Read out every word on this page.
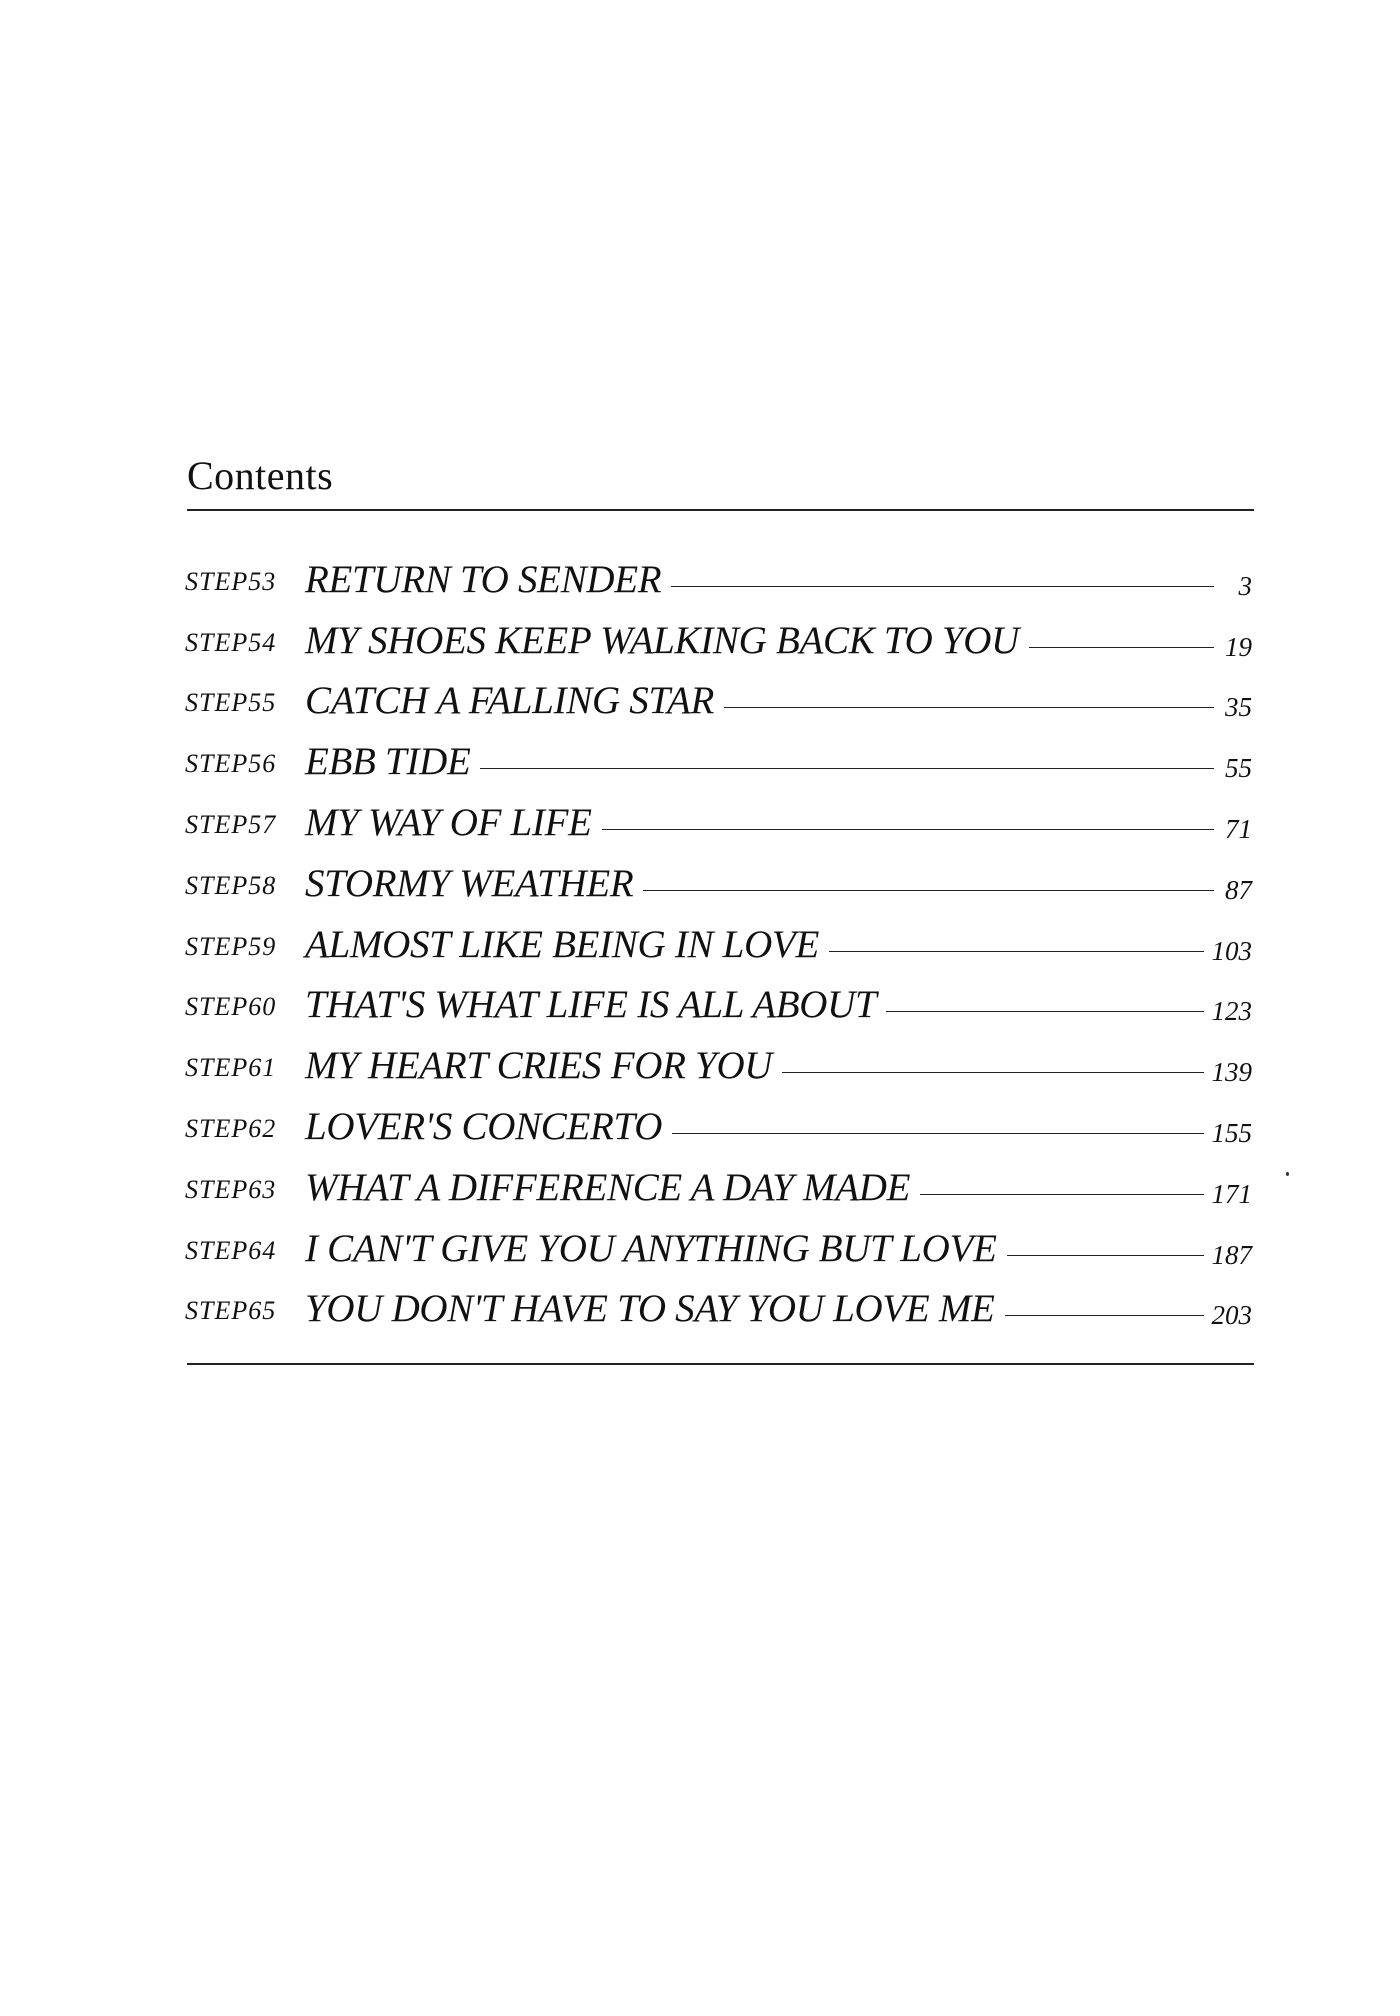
Contents
STEP53 RETURN TO SENDER	3
STEP54 MY SHOES KEEP WALKING BACK TO YOU	19
STEP55 CATCH A FALLING STAR	35
STEP56 EBB TIDE	55
STEP57 MY WAY OF LIFE	71
STEP58 STORMY WEATHER	87
STEP59 ALMOST LIKE BEING IN LOVE	103
STEP60 THAT'S WHAT LIFE IS ALL ABOUT	123
STEP61 MY HEART CRIES FOR YOU	139
STEP62 LOVER'S CONCERTO	155
STEP63 WHAT A DIFFERENCE A DAY MADE	171
STEP64 I CAN'T GIVE YOU ANYTHING BUT LOVE	187
STEP65 YOU DON'T HAVE TO SAY YOU LOVE ME	203
